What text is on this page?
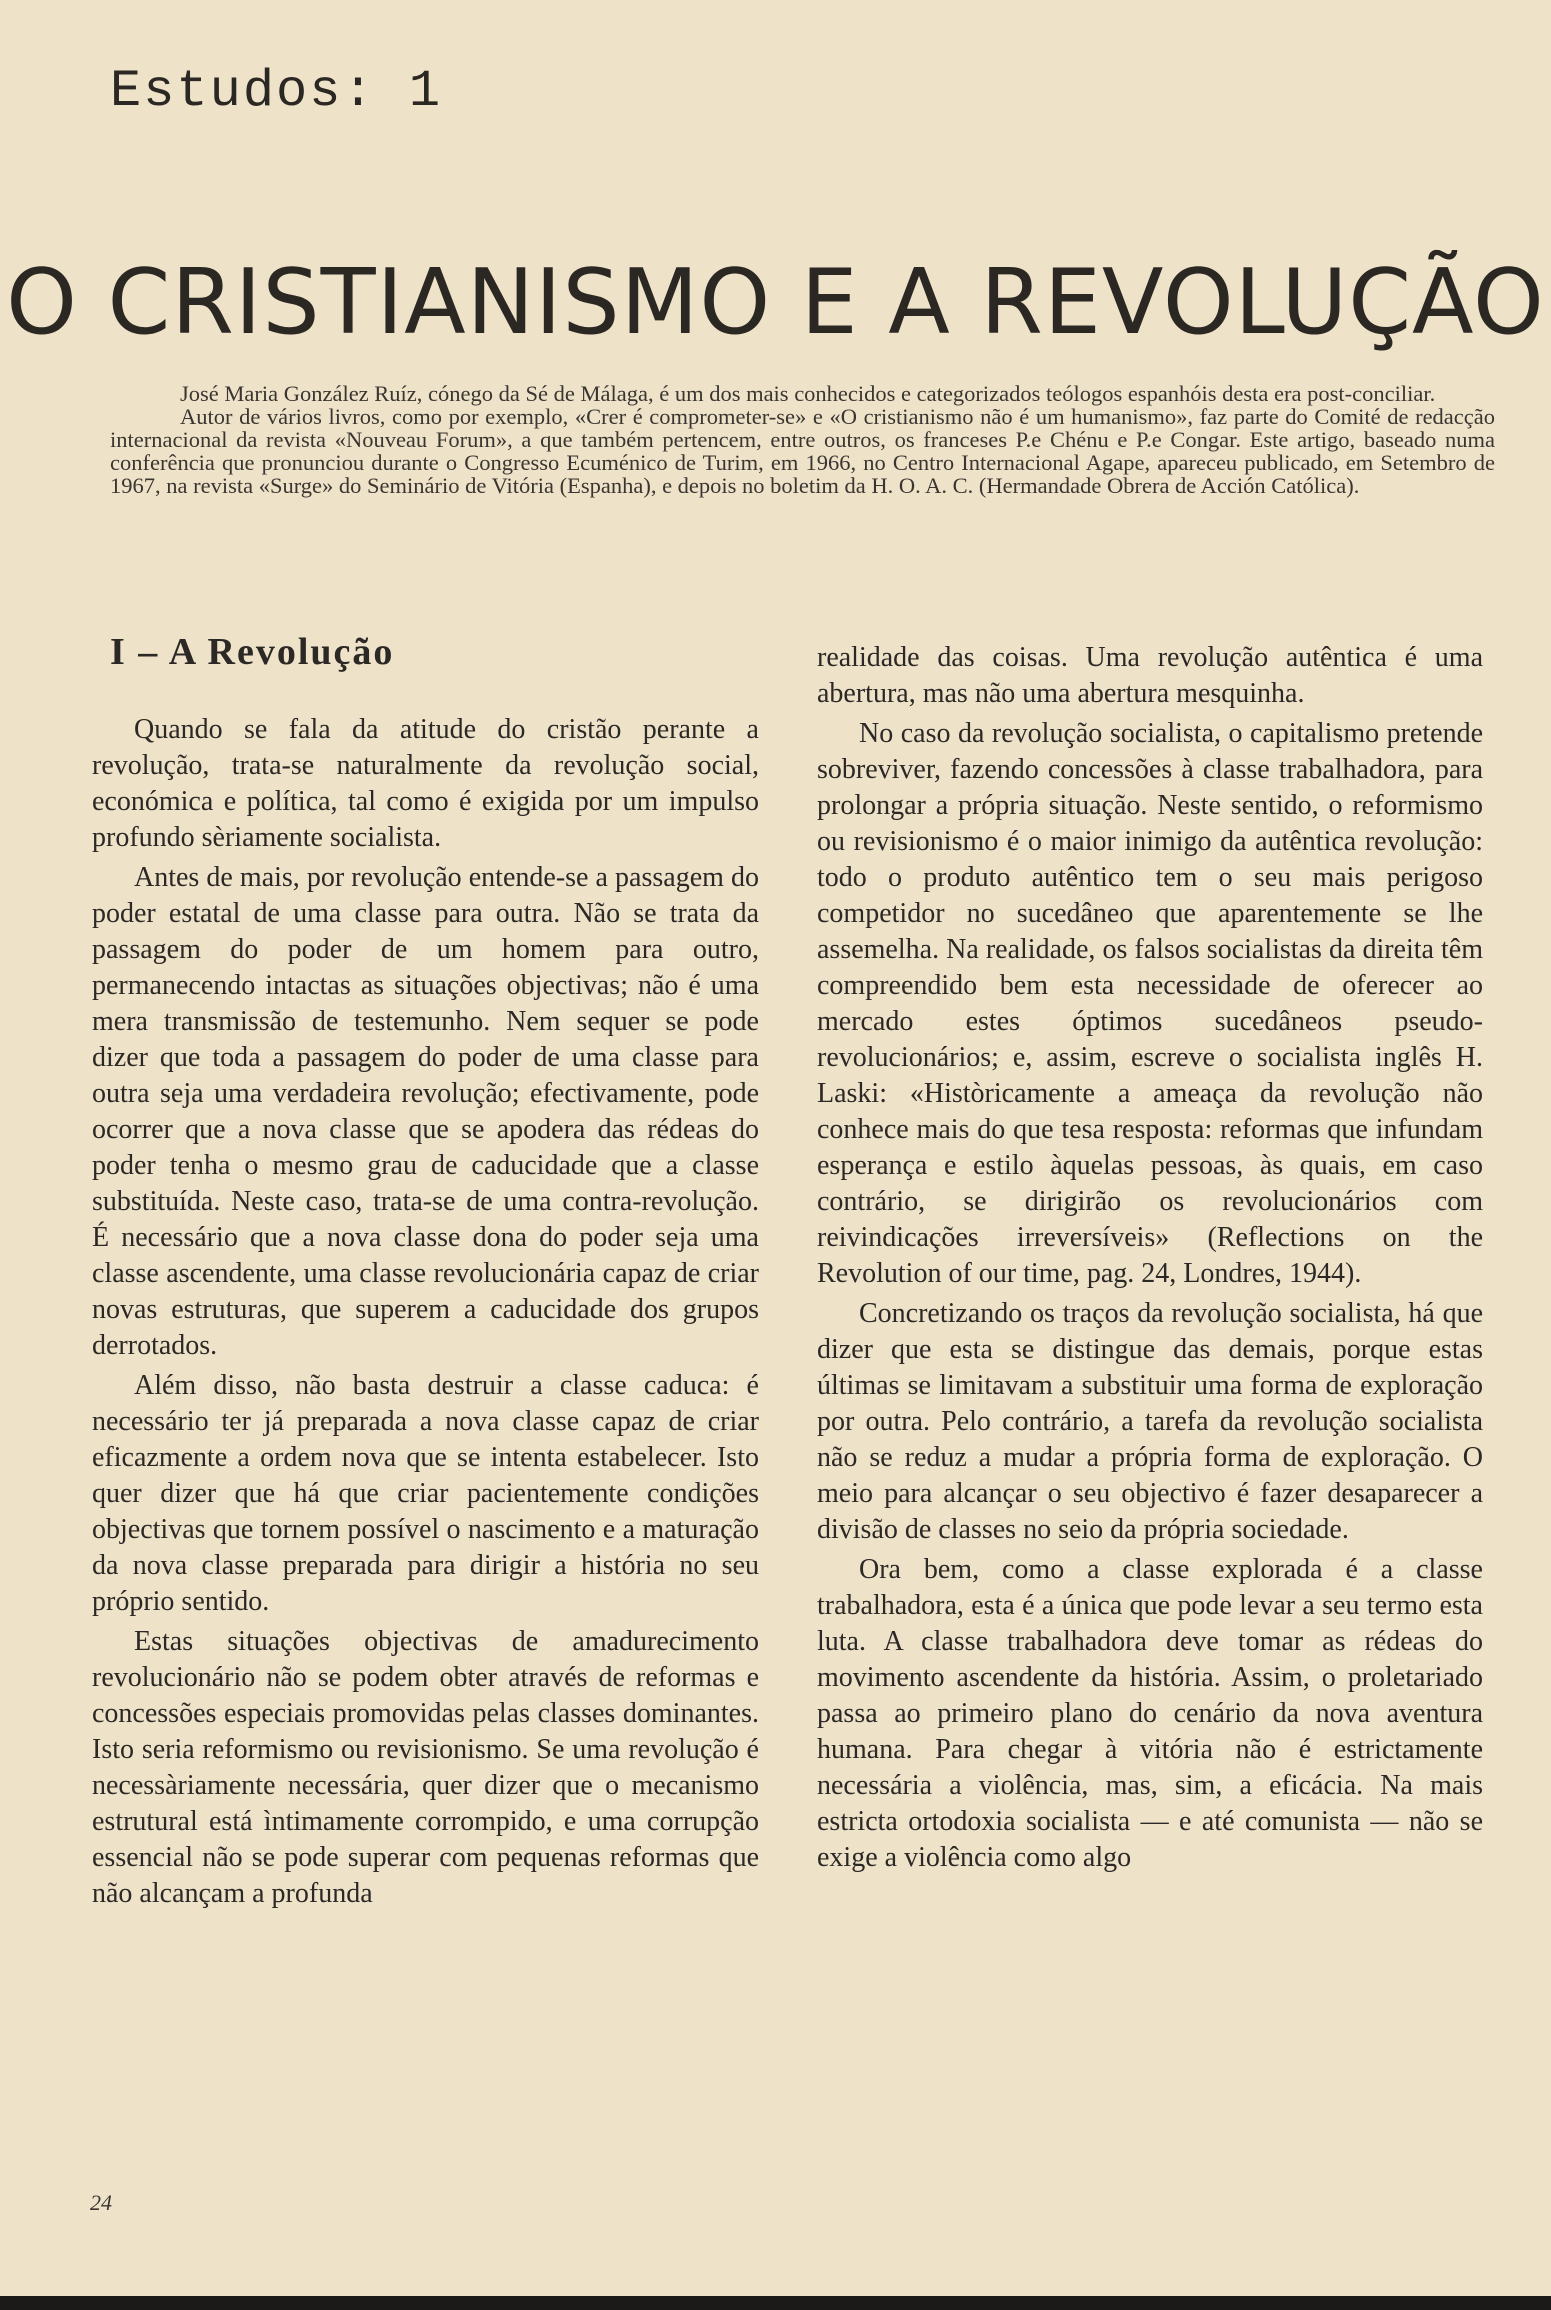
Estudos: 1
O CRISTIANISMO E A REVOLUÇÃO

José Maria González Ruíz, cónego da Sé de Málaga, é um dos mais conhecidos e categorizados teólogos espanhóis desta era post-conciliar.

Autor de vários livros, como por exemplo, «Crer é comprometer-se» e «O cristianismo não é um humanismo», faz parte do Comité de redacção internacional da revista «Nouveau Forum», a que também pertencem, entre outros, os franceses P.e Chénu e P.e Congar. Este artigo, baseado numa conferência que pronunciou durante o Congresso Ecuménico de Turim, em 1966, no Centro Internacional Agape, apareceu publicado, em Setembro de 1967, na revista «Surge» do Seminário de Vitória (Espanha), e depois no boletim da H. O. A. C. (Hermandade Obrera de Acción Católica).

I – A Revolução

Quando se fala da atitude do cristão perante a revolução, trata-se naturalmente da revolução social, económica e política, tal como é exigida por um impulso profundo sèriamente socialista.

Antes de mais, por revolução entende-se a passagem do poder estatal de uma classe para outra. Não se trata da passagem do poder de um homem para outro, permanecendo intactas as situações objectivas; não é uma mera transmissão de testemunho. Nem sequer se pode dizer que toda a passagem do poder de uma classe para outra seja uma verdadeira revolução; efectivamente, pode ocorrer que a nova classe que se apodera das rédeas do poder tenha o mesmo grau de caducidade que a classe substituída. Neste caso, trata-se de uma contra-revolução. É necessário que a nova classe dona do poder seja uma classe ascendente, uma classe revolucionária capaz de criar novas estruturas, que superem a caducidade dos grupos derrotados.

Além disso, não basta destruir a classe caduca: é necessário ter já preparada a nova classe capaz de criar eficazmente a ordem nova que se intenta estabelecer. Isto quer dizer que há que criar pacientemente condições objectivas que tornem possível o nascimento e a maturação da nova classe preparada para dirigir a história no seu próprio sentido.

Estas situações objectivas de amadurecimento revolucionário não se podem obter através de reformas e concessões especiais promovidas pelas classes dominantes. Isto seria reformismo ou revisionismo. Se uma revolução é necessàriamente necessária, quer dizer que o mecanismo estrutural está ìntimamente corrompido, e uma corrupção essencial não se pode superar com pequenas reformas que não alcançam a profunda

realidade das coisas. Uma revolução autêntica é uma abertura, mas não uma abertura mesquinha.

No caso da revolução socialista, o capitalismo pretende sobreviver, fazendo concessões à classe trabalhadora, para prolongar a própria situação. Neste sentido, o reformismo ou revisionismo é o maior inimigo da autêntica revolução: todo o produto autêntico tem o seu mais perigoso competidor no sucedâneo que aparentemente se lhe assemelha. Na realidade, os falsos socialistas da direita têm compreendido bem esta necessidade de oferecer ao mercado estes óptimos sucedâneos pseudo-revolucionários; e, assim, escreve o socialista inglês H. Laski: «Històricamente a ameaça da revolução não conhece mais do que tesa resposta: reformas que infundam esperança e estilo àquelas pessoas, às quais, em caso contrário, se dirigirão os revolucionários com reivindicações irreversíveis» (Reflections on the Revolution of our time, pag. 24, Londres, 1944).

Concretizando os traços da revolução socialista, há que dizer que esta se distingue das demais, porque estas últimas se limitavam a substituir uma forma de exploração por outra. Pelo contrário, a tarefa da revolução socialista não se reduz a mudar a própria forma de exploração. O meio para alcançar o seu objectivo é fazer desaparecer a divisão de classes no seio da própria sociedade.

Ora bem, como a classe explorada é a classe trabalhadora, esta é a única que pode levar a seu termo esta luta. A classe trabalhadora deve tomar as rédeas do movimento ascendente da história. Assim, o proletariado passa ao primeiro plano do cenário da nova aventura humana. Para chegar à vitória não é estrictamente necessária a violência, mas, sim, a eficácia. Na mais estricta ortodoxia socialista — e até comunista — não se exige a violência como algo

24
